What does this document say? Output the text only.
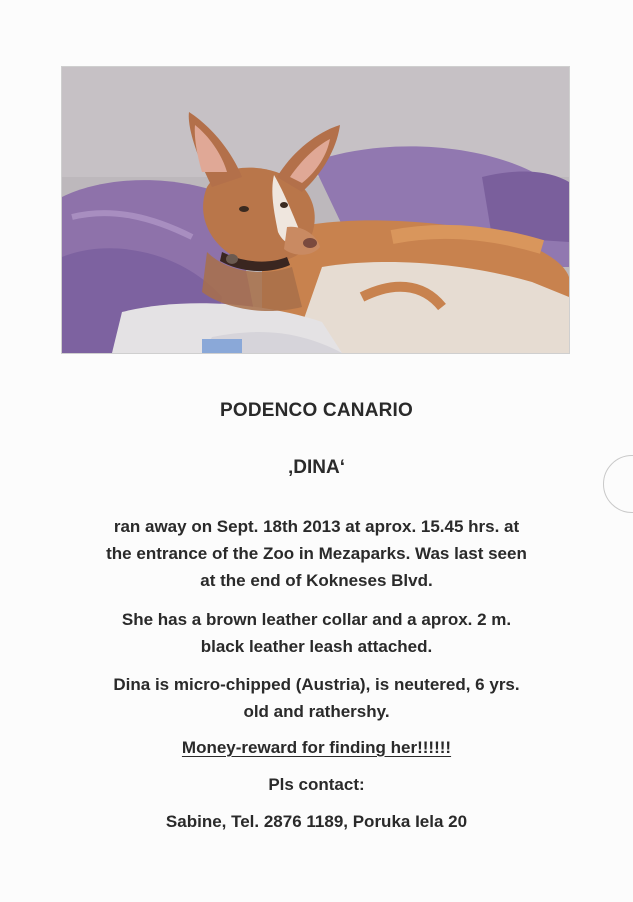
PODENCO CANARIO
‚DINA‘
ran away on Sept. 18th 2013 at aprox. 15.45 hrs. at
the entrance of the Zoo in Mezaparks. Was last seen
at the end of Kokneses Blvd.
She has a brown leather collar and a aprox. 2 m.
black leather leash attached.
Dina is micro-chipped (Austria), is neutered, 6 yrs.
old and rathershy.
Money-reward for finding her!!!!!!
Pls contact:
Sabine, Tel. 2876 1189, Poruka Iela 20
